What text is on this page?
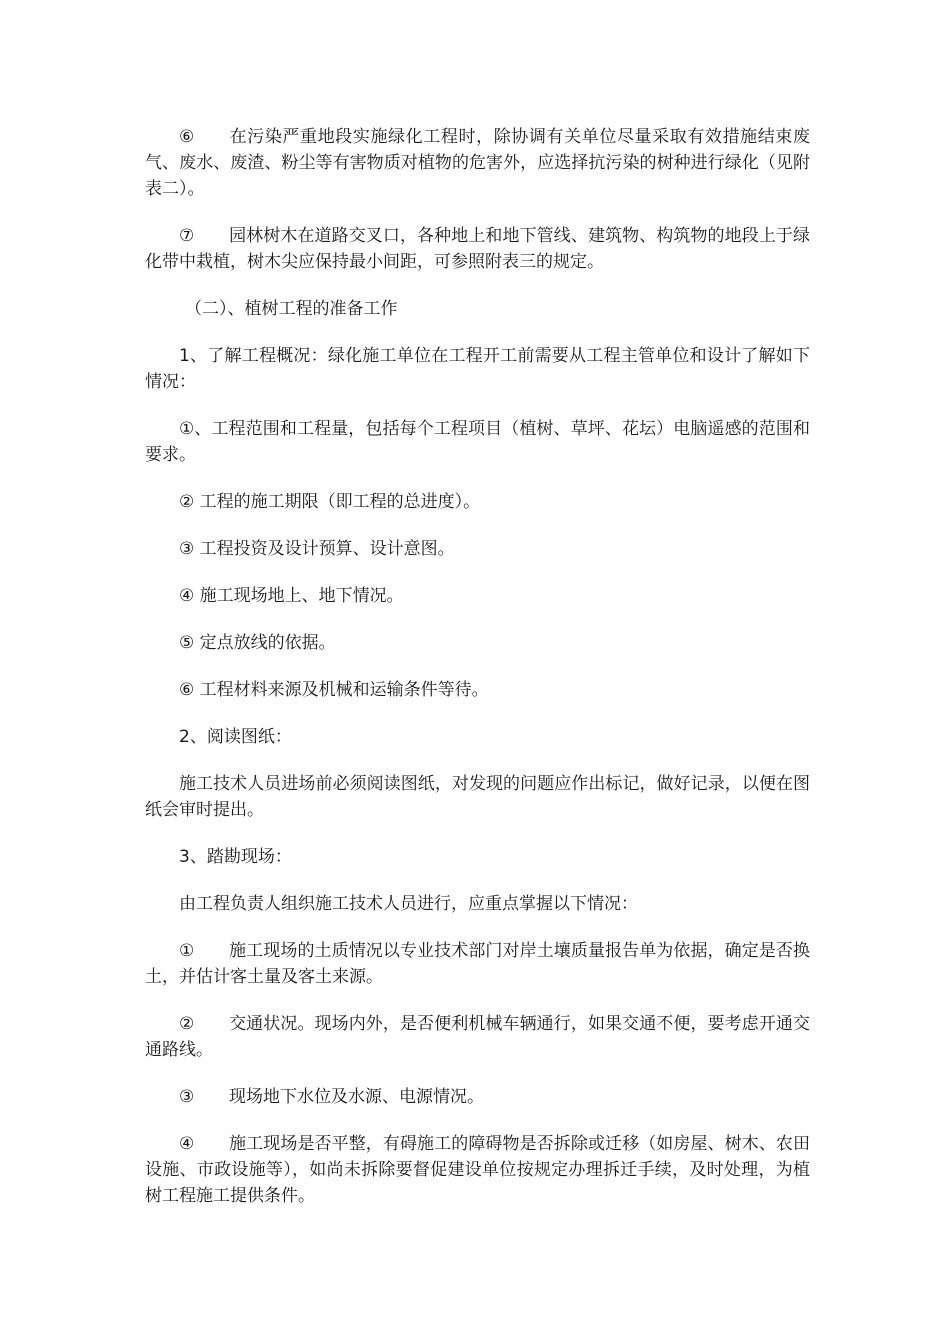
⑥ 在污染严重地段实施绿化工程时，除协调有关单位尽量采取有效措施结束废气、废水、废渣、粉尘等有害物质对植物的危害外，应选择抗污染的树种进行绿化（见附表二）。

⑦ 园林树木在道路交叉口，各种地上和地下管线、建筑物、构筑物的地段上于绿化带中栽植，树木尖应保持最小间距，可参照附表三的规定。

（二）、植树工程的准备工作

1、了解工程概况：绿化施工单位在工程开工前需要从工程主管单位和设计了解如下情况：

①、工程范围和工程量，包括每个工程项目（植树、草坪、花坛）电脑遥感的范围和要求。

② 工程的施工期限（即工程的总进度）。

③ 工程投资及设计预算、设计意图。

④ 施工现场地上、地下情况。

⑤ 定点放线的依据。

⑥ 工程材料来源及机械和运输条件等待。

2、阅读图纸：

施工技术人员进场前必须阅读图纸，对发现的问题应作出标记，做好记录，以便在图纸会审时提出。

3、踏勘现场：

由工程负责人组织施工技术人员进行，应重点掌握以下情况：

① 施工现场的土质情况以专业技术部门对岸土壤质量报告单为依据，确定是否换土，并估计客土量及客土来源。

② 交通状况。现场内外，是否便利机械车辆通行，如果交通不便，要考虑开通交通路线。

③ 现场地下水位及水源、电源情况。

④ 施工现场是否平整，有碍施工的障碍物是否拆除或迁移（如房屋、树木、农田设施、市政设施等），如尚未拆除要督促建设单位按规定办理拆迁手续，及时处理，为植树工程施工提供条件。
